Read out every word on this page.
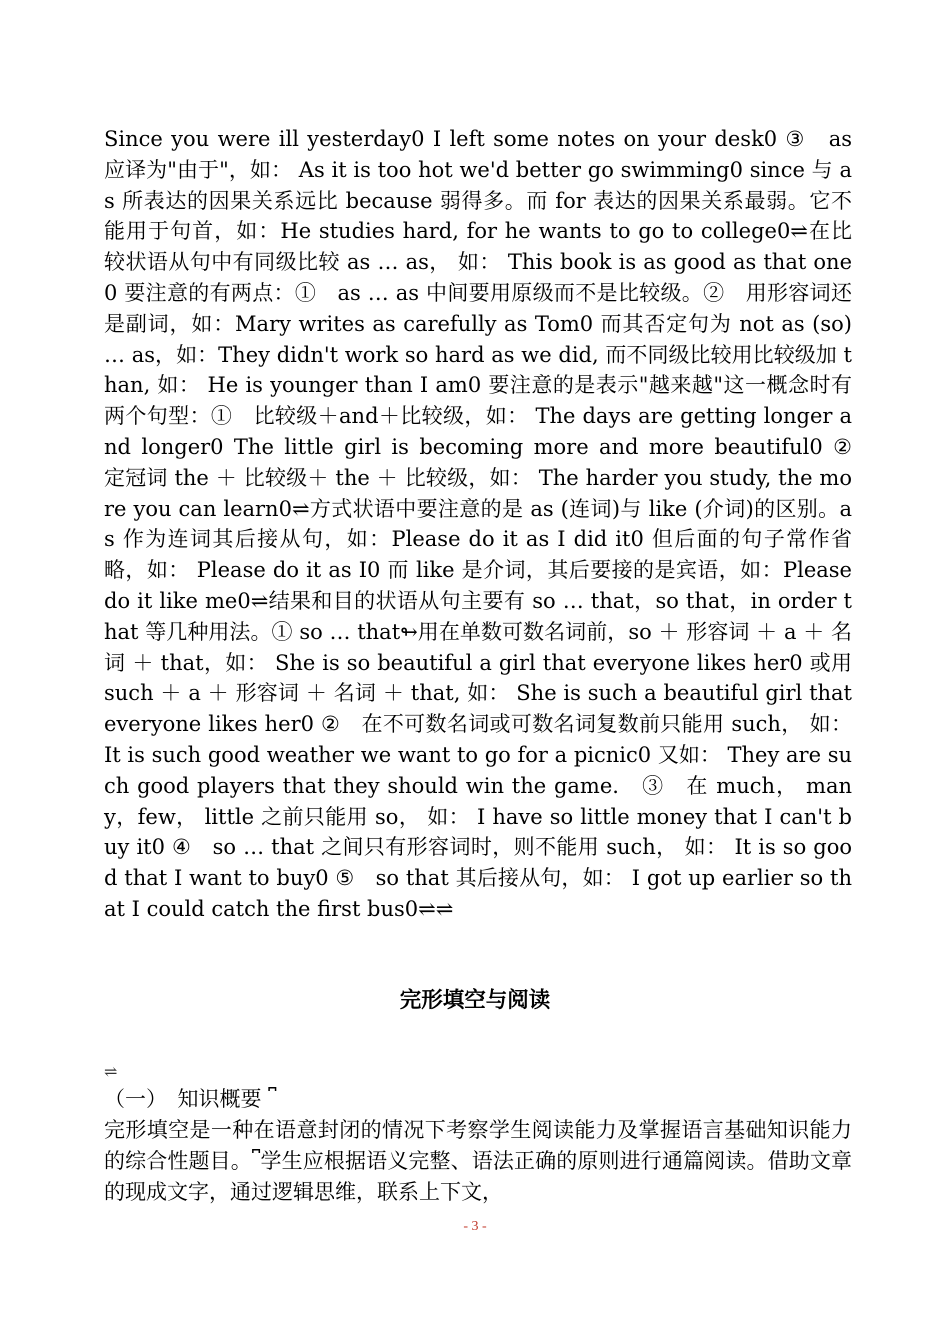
Since you were ill yesterday0 I left some notes on your desk0 ③　as 应译为"由于"，如： As it is too hot we'd better go swimming0 since 与 as 所表达的因果关系远比 because 弱得多。而 for 表达的因果关系最弱。它不能用于句首，如：He studies hard, for he wants to go to college0⇌在比较状语从句中有同级比较 as … as， 如： This book is as good as that one0 要注意的有两点：①　as … as 中间要用原级而不是比较级。②　用形容词还是副词，如：Mary writes as carefully as Tom0 而其否定句为 not as (so) … as，如：They didn't work so hard as we did, 而不同级比较用比较级加 than, 如： He is younger than I am0 要注意的是表示"越来越"这一概念时有两个句型：①　比较级＋and＋比较级，如： The days are getting longer and longer0 The little girl is becoming more and more beautiful0 ②　定冠词 the ＋ 比较级＋ the ＋ 比较级，如： The harder you study, the more you can learn0⇌方式状语中要注意的是 as (连词)与 like (介词)的区别。as 作为连词其后接从句，如：Please do it as I did it0 但后面的句子常作省略，如： Please do it as I0 而 like 是介词，其后要接的是宾语，如：Please do it like me0⇌结果和目的状语从句主要有 so … that，so that，in order that 等几种用法。① so … that↬用在单数可数名词前，so ＋ 形容词 ＋ a ＋ 名词 ＋ that，如： She is so beautiful a girl that everyone likes her0 或用 such ＋ a ＋ 形容词 ＋ 名词 ＋ that, 如： She is such a beautiful girl that everyone likes her0 ②　在不可数名词或可数名词复数前只能用 such， 如： It is such good weather we want to go for a picnic0 又如： They are such good players that they should win the game.　③　在 much， many，few， little 之前只能用 so， 如： I have so little money that I can't buy it0 ④　so … that 之间只有形容词时，则不能用 such， 如： It is so good that I want to buy0 ⑤　so that 其后接从句，如： I got up earlier so that I could catch the first bus0⇌⇌

完形填空与阅读
⇌

（一）　知识概要 ⎴

完形填空是一种在语意封闭的情况下考察学生阅读能力及掌握语言基础知识能力的综合性题目。⎴学生应根据语义完整、语法正确的原则进行通篇阅读。借助文章的现成文字，通过逻辑思维，联系上下文，

- 3 -
